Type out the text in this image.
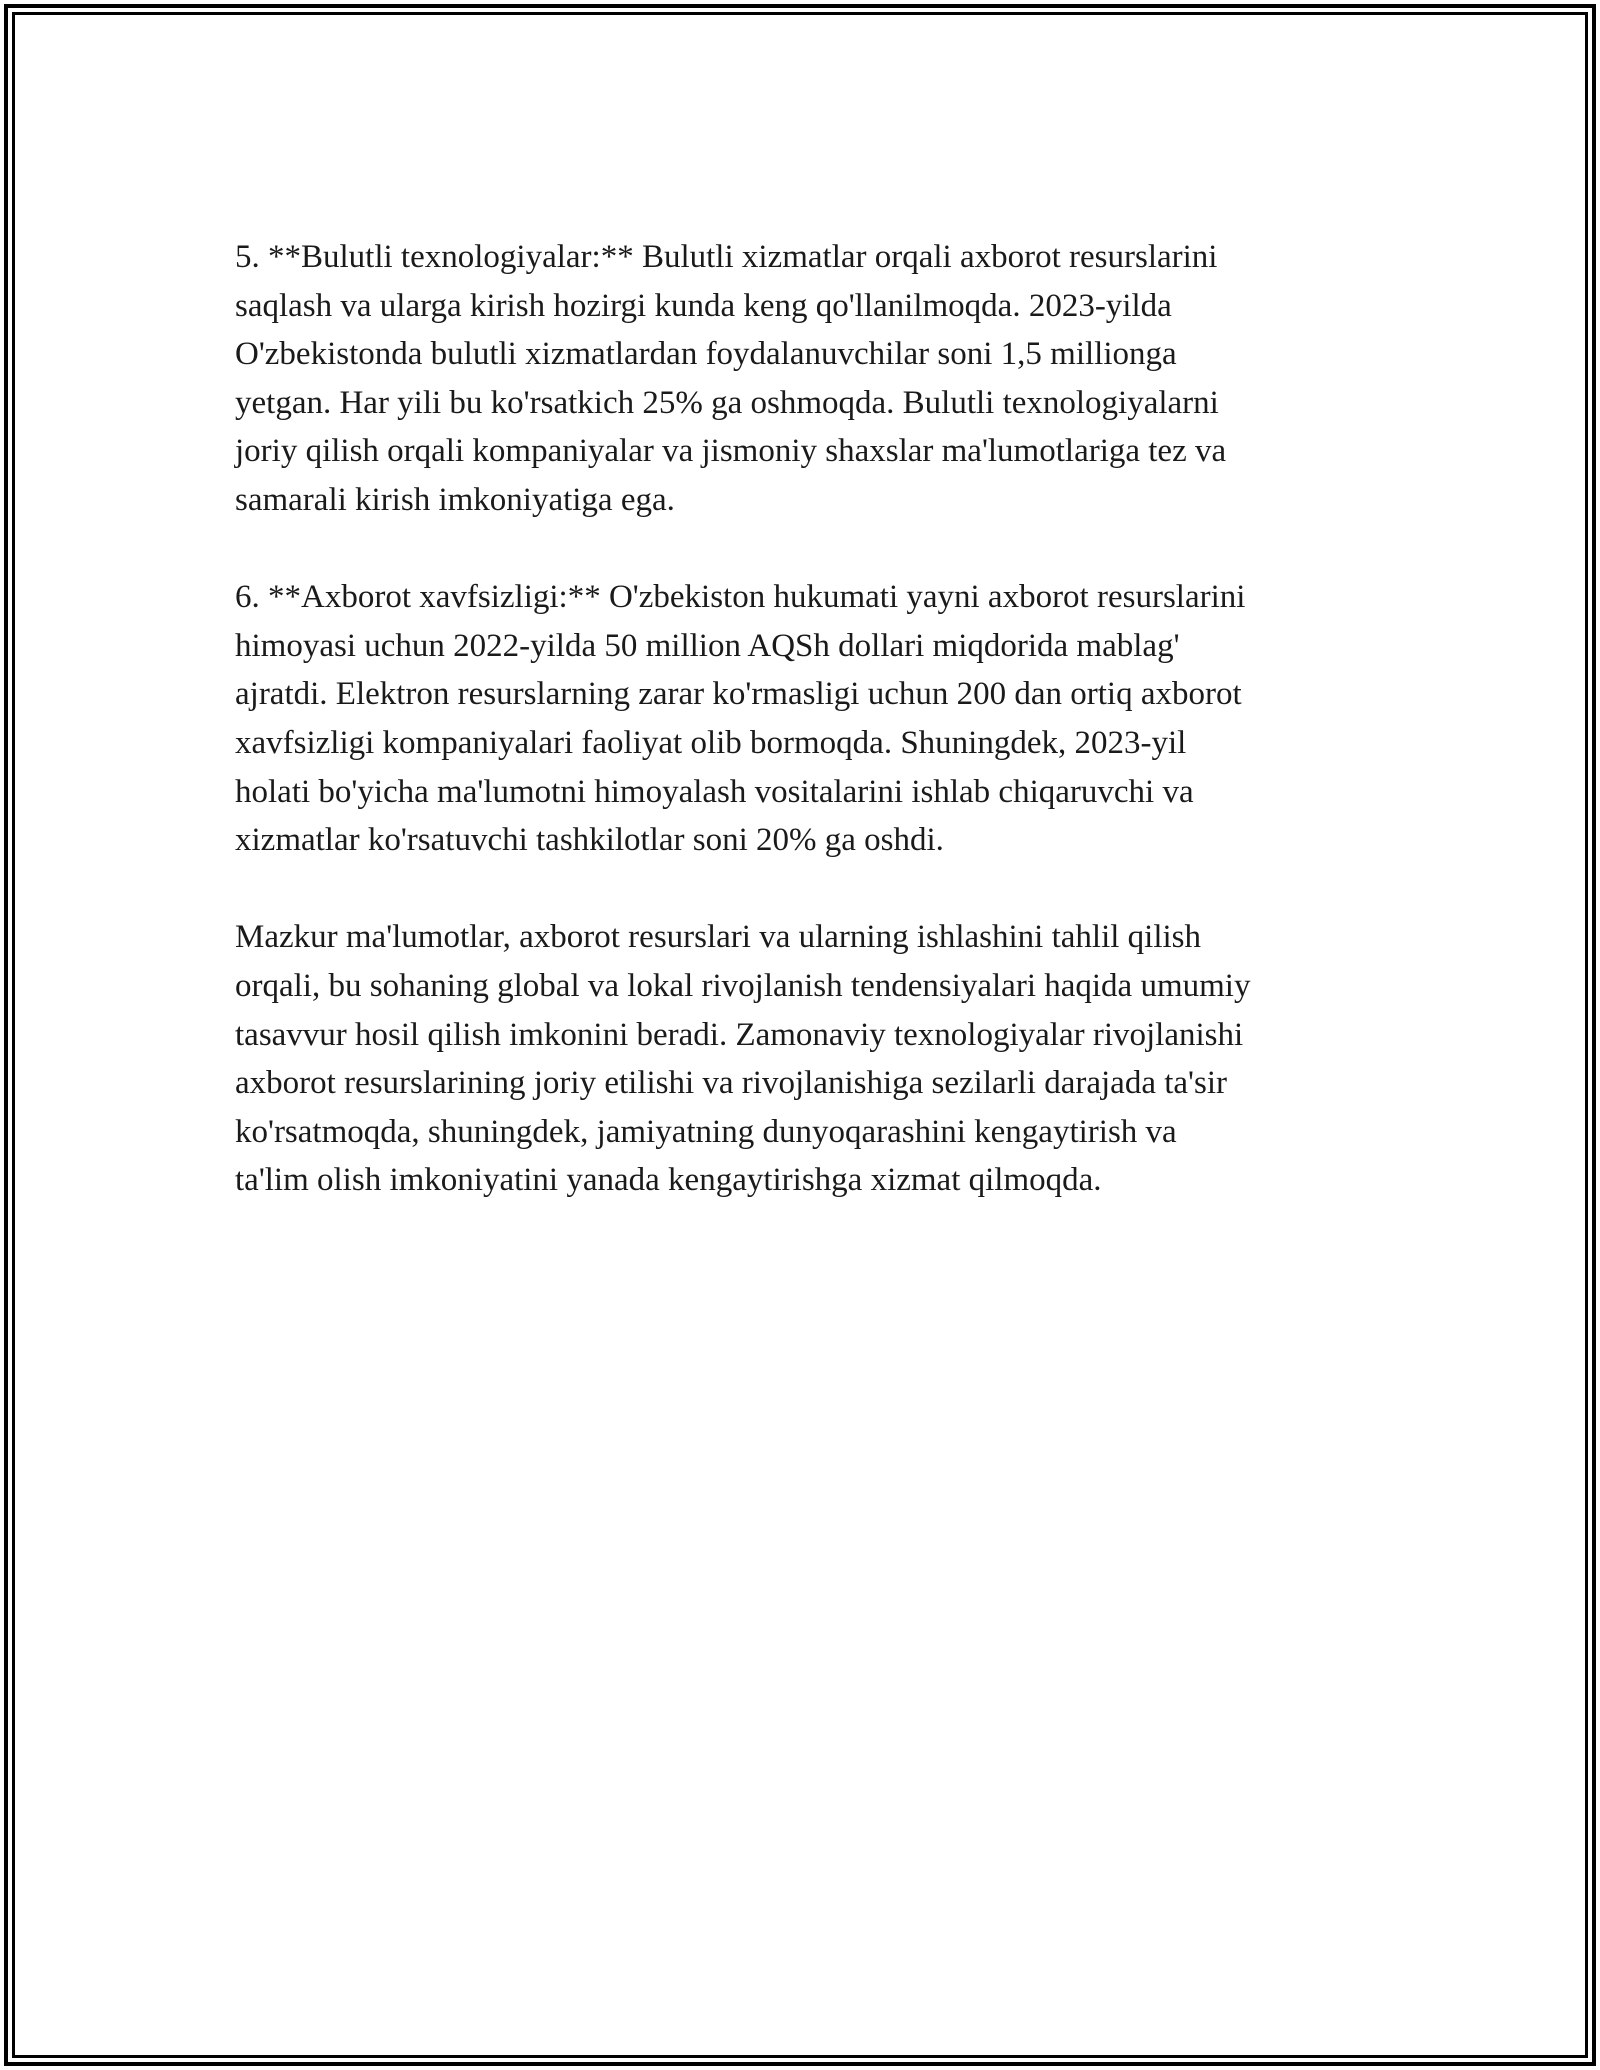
5. **Bulutli texnologiyalar:** Bulutli xizmatlar orqali axborot resurslarini
saqlash va ularga kirish hozirgi kunda keng qo'llanilmoqda. 2023-yilda
O'zbekistonda bulutli xizmatlardan foydalanuvchilar soni 1,5 millionga
yetgan. Har yili bu ko'rsatkich 25% ga oshmoqda. Bulutli texnologiyalarni
joriy qilish orqali kompaniyalar va jismoniy shaxslar ma'lumotlariga tez va
samarali kirish imkoniyatiga ega.

6. **Axborot xavfsizligi:** O'zbekiston hukumati yayni axborot resurslarini
himoyasi uchun 2022-yilda 50 million AQSh dollari miqdorida mablag'
ajratdi. Elektron resurslarning zarar ko'rmasligi uchun 200 dan ortiq axborot
xavfsizligi kompaniyalari faoliyat olib bormoqda. Shuningdek, 2023-yil
holati bo'yicha ma'lumotni himoyalash vositalarini ishlab chiqaruvchi va
xizmatlar ko'rsatuvchi tashkilotlar soni 20% ga oshdi.

Mazkur ma'lumotlar, axborot resurslari va ularning ishlashini tahlil qilish
orqali, bu sohaning global va lokal rivojlanish tendensiyalari haqida umumiy
tasavvur hosil qilish imkonini beradi. Zamonaviy texnologiyalar rivojlanishi
axborot resurslarining joriy etilishi va rivojlanishiga sezilarli darajada ta'sir
ko'rsatmoqda, shuningdek, jamiyatning dunyoqarashini kengaytirish va
ta'lim olish imkoniyatini yanada kengaytirishga xizmat qilmoqda.
